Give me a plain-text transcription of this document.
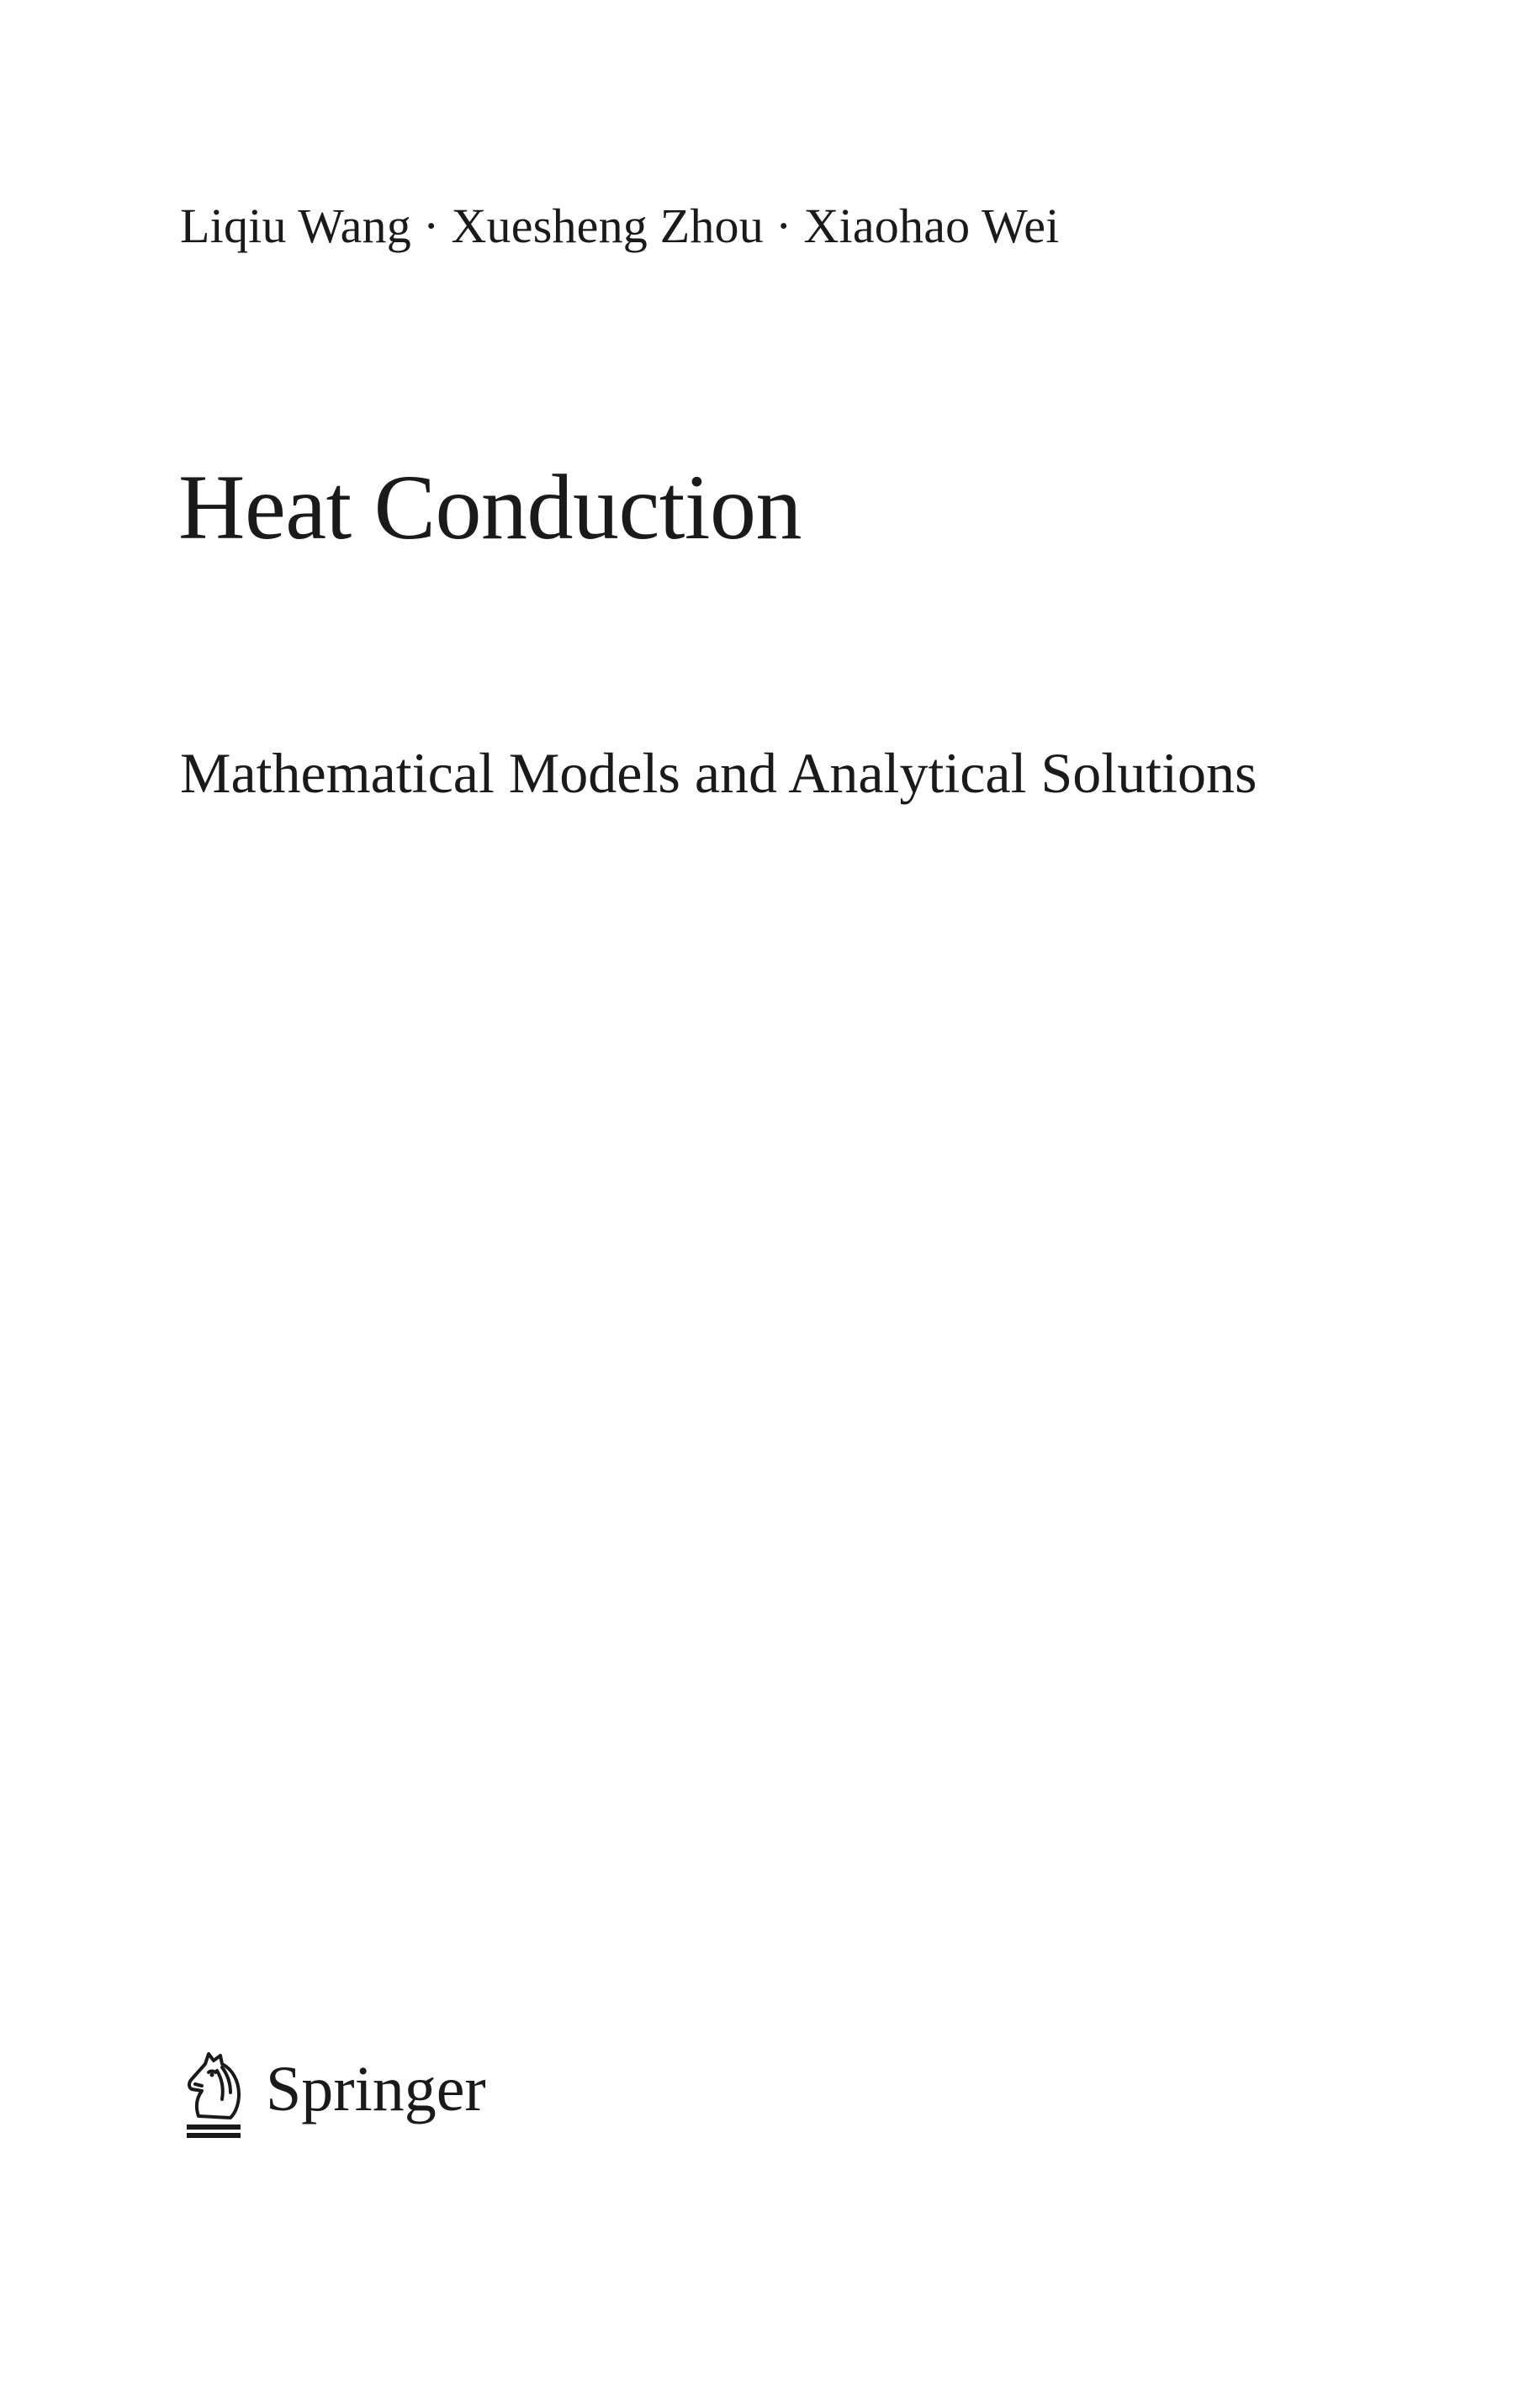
Liqiu Wang · Xuesheng Zhou · Xiaohao Wei
Heat Conduction
Mathematical Models and Analytical Solutions
Springer
